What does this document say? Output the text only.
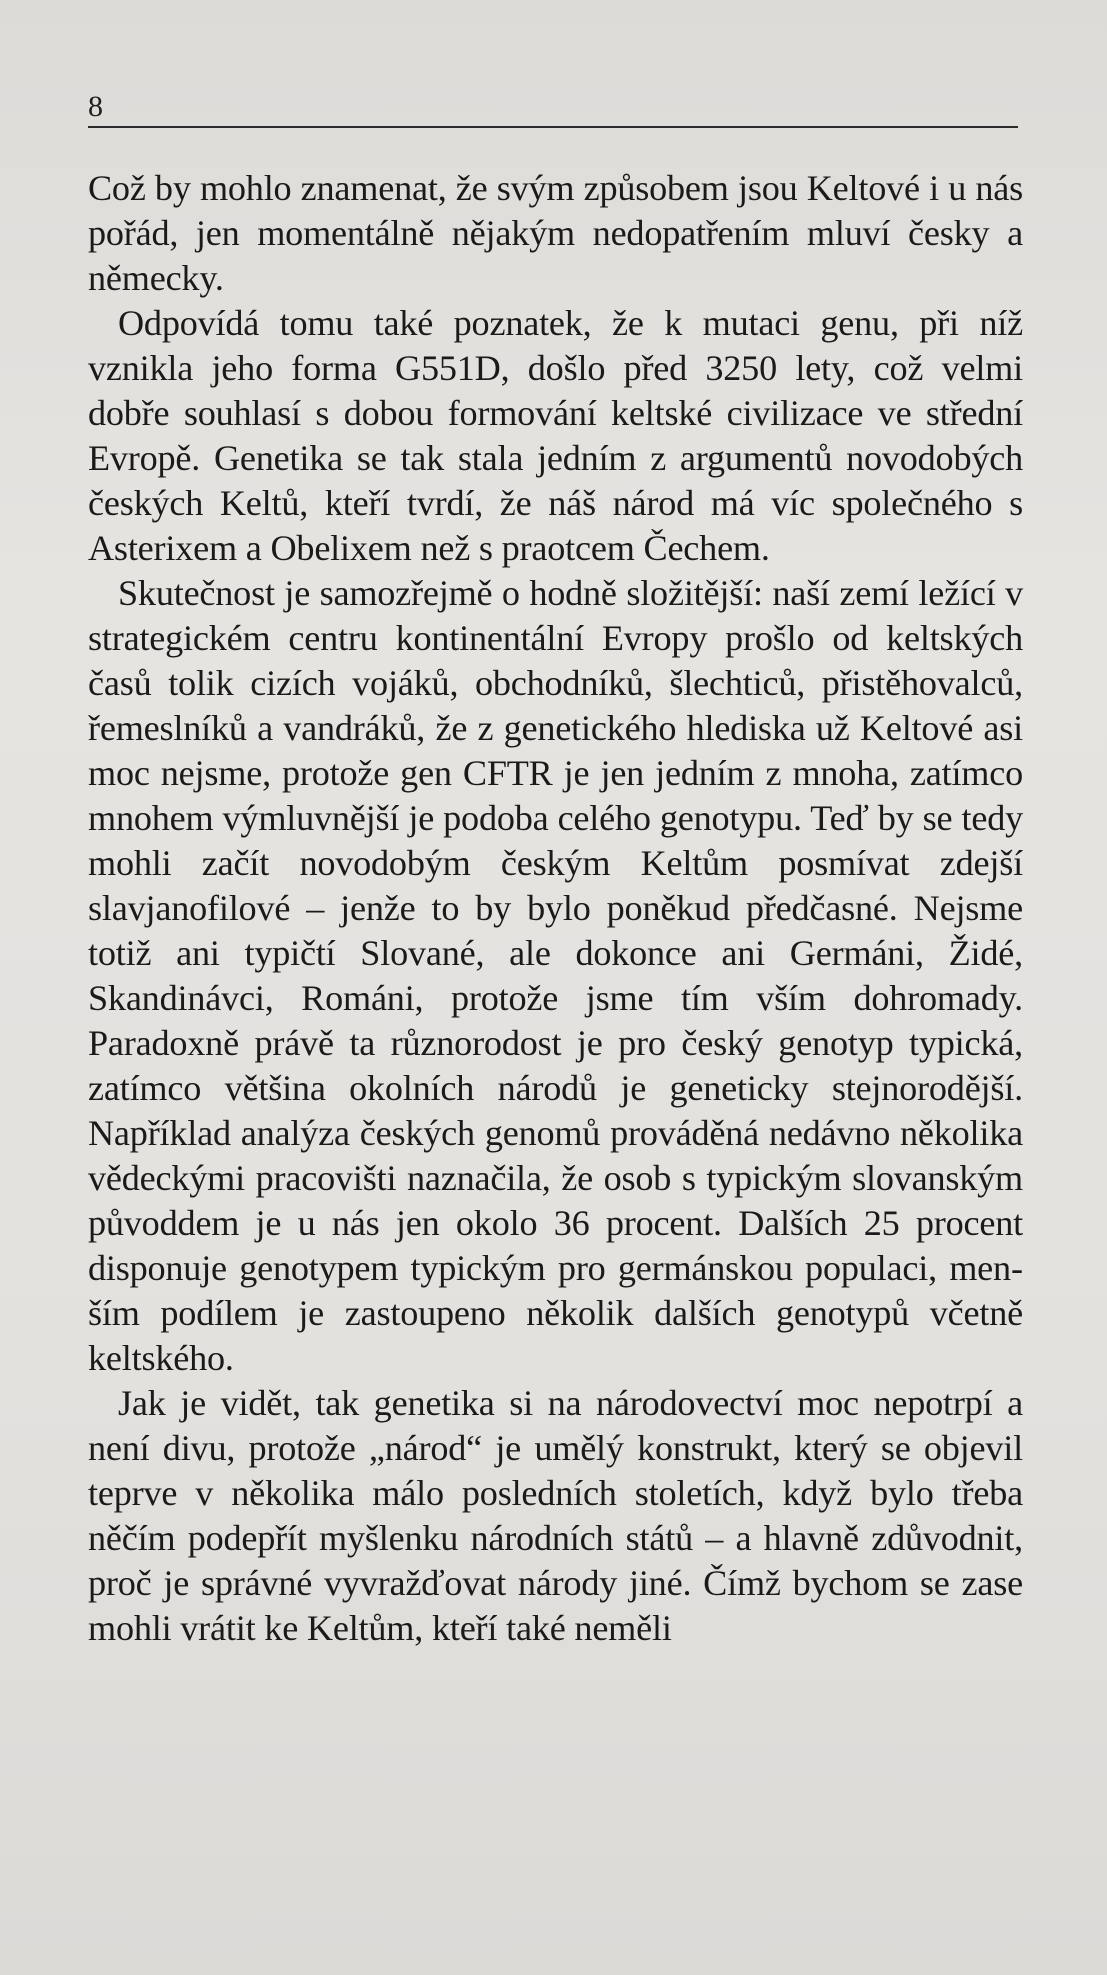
8

Což by mohlo znamenat, že svým způsobem jsou Keltové i u nás pořád, jen momentálně nějakým nedopatřením mluví česky a německy.

Odpovídá tomu také poznatek, že k mutaci genu, při níž vznikla jeho forma G551D, došlo před 3250 lety, což velmi dobře souhlasí s dobou formování keltské civilizace ve střední Evropě. Genetika se tak stala jedním z argumentů novodobých českých Keltů, kteří tvrdí, že náš národ má víc společného s Asterixem a Obelixem než s praotcem Čechem.

Skutečnost je samozřejmě o hodně složitější: naší zemí ležící v strategickém centru kontinentální Evropy prošlo od keltských časů tolik cizích vojáků, obchodníků, šlechticů, přistěhovalců, řemeslníků a vandráků, že z genetického hlediska už Keltové asi moc nejsme, protože gen CFTR je jen jedním z mnoha, zatímco mnohem výmluvnější je podoba celého genotypu. Teď by se tedy mohli začít novodobým českým Keltům posmívat zdejší slavjanofilové – jenže to by bylo poněkud předčasné. Nejsme totiž ani typičtí Slované, ale dokonce ani Germáni, Židé, Skandinávci, Románi, protože jsme tím vším dohromady. Paradoxně právě ta různorodost je pro český genotyp typická, zatímco většina okolních národů je geneticky stejnorodější. Například analýza českých genomů prováděná nedávno několika vědeckými pracovišti naznačila, že osob s typickým slovanským původdem je u nás jen okolo 36 procent. Dalších 25 procent disponuje genotypem typickým pro germánskou populaci, menším podílem je zastoupeno několik dalších genotypů včetně keltského.

Jak je vidět, tak genetika si na národovectví moc nepotrpí a není divu, protože „národ“ je umělý konstrukt, který se objevil teprve v několika málo posledních stoletích, když bylo třeba něčím podepřít myšlenku národních států – a hlavně zdůvodnit, proč je správné vyvražďovat národy jiné. Čímž bychom se zase mohli vrátit ke Keltům, kteří také neměli
